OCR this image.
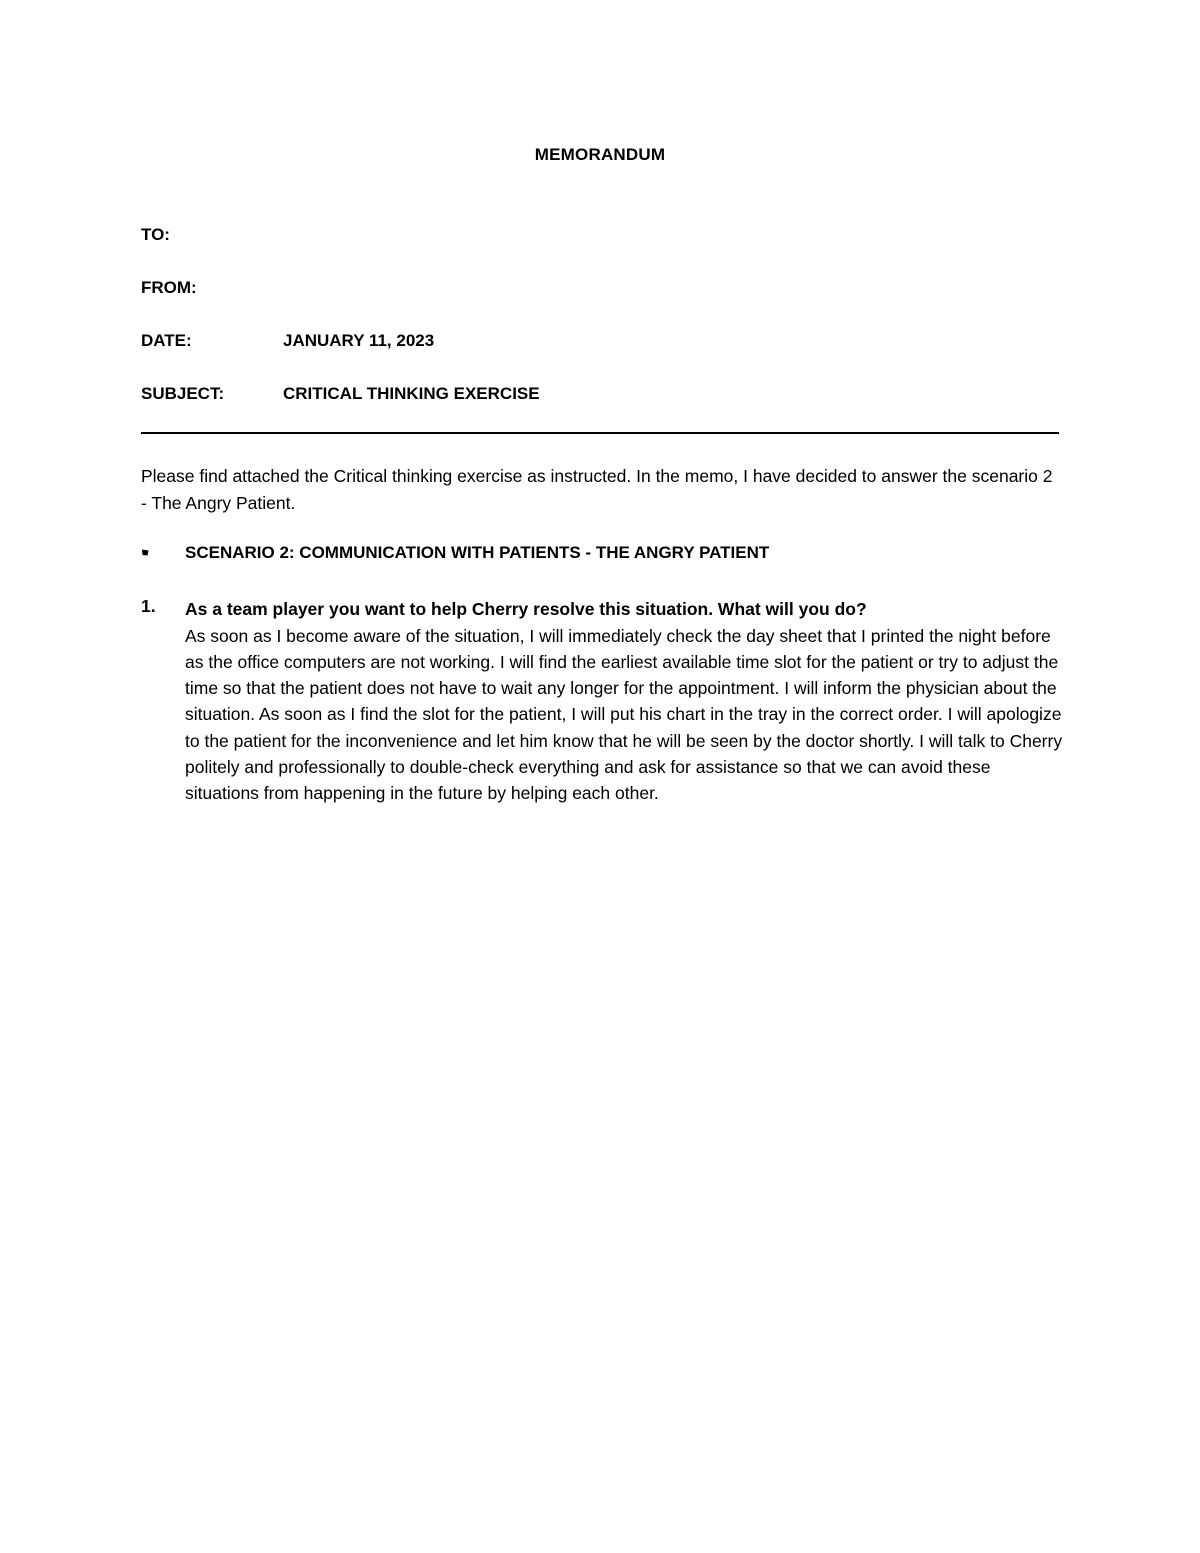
MEMORANDUM
TO:
FROM:
DATE:	JANUARY 11, 2023
SUBJECT:	CRITICAL THINKING EXERCISE

Please find attached the Critical thinking exercise as instructed. In the memo, I have decided to answer the scenario 2 - The Angry Patient.

SCENARIO 2: COMMUNICATION WITH PATIENTS - THE ANGRY PATIENT
1. As a team player you want to help Cherry resolve this situation. What will you do?

As soon as I become aware of the situation, I will immediately check the day sheet that I printed the night before as the office computers are not working. I will find the earliest available time slot for the patient or try to adjust the time so that the patient does not have to wait any longer for the appointment. I will inform the physician about the situation. As soon as I find the slot for the patient, I will put his chart in the tray in the correct order. I will apologize to the patient for the inconvenience and let him know that he will be seen by the doctor shortly. I will talk to Cherry politely and professionally to double-check everything and ask for assistance so that we can avoid these situations from happening in the future by helping each other.
